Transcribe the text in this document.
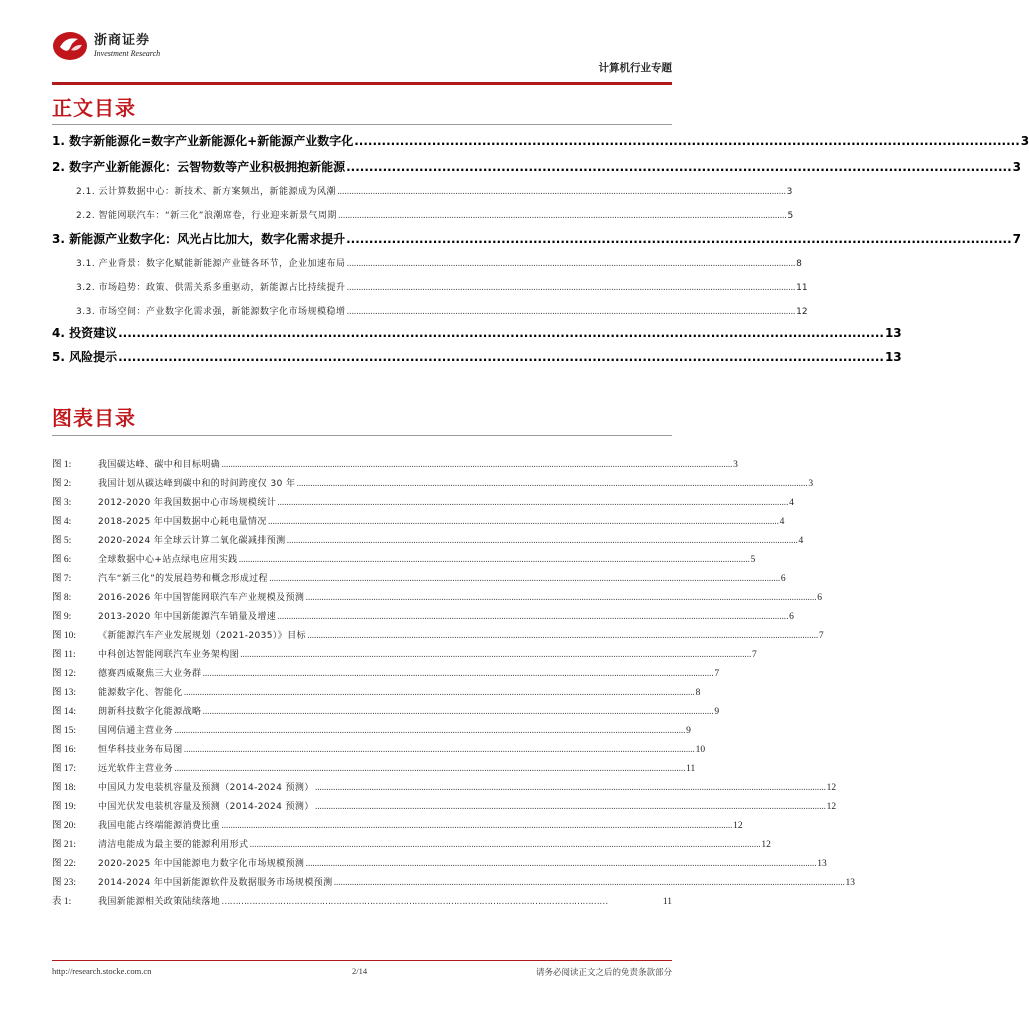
浙商证券
Investment Research
计算机行业专题
正文目录
1. 数字新能源化=数字产业新能源化+新能源产业数字化 .................................................................................................................................................. 3
2. 数字产业新能源化：云智物数等产业积极拥抱新能源 .................................................................................................................................................. 3
2.1. 云计算数据中心：新技术、新方案频出，新能源成为风潮 .............................................................................................................................................................................................. 3
2.2. 智能网联汽车：“新三化”浪潮席卷，行业迎来新景气周期 .............................................................................................................................................................................................. 5
3. 新能源产业数字化：风光占比加大，数字化需求提升 .................................................................................................................................................. 7
3.1. 产业背景：数字化赋能新能源产业链各环节，企业加速布局 .............................................................................................................................................................................................. 8
3.2. 市场趋势：政策、供需关系多重驱动，新能源占比持续提升 .............................................................................................................................................................................................. 11
3.3. 市场空间：产业数字化需求强，新能源数字化市场规模稳增 .............................................................................................................................................................................................. 12
4. 投资建议 ........................................................................................................................................................................ 13
5. 风险提示 ........................................................................................................................................................................ 13
图表目录
图 1:	我国碳达峰、碳中和目标明确 .................................................................................................................................................................................................................................. 3
图 2:	我国计划从碳达峰到碳中和的时间跨度仅 30 年 .................................................................................................................................................................................................................................. 3
图 3:	2012-2020 年我国数据中心市场规模统计 .................................................................................................................................................................................................................................. 4
图 4:	2018-2025 年中国数据中心耗电量情况 .................................................................................................................................................................................................................................. 4
图 5:	2020-2024 年全球云计算二氧化碳减排预测 .................................................................................................................................................................................................................................. 4
图 6:	全球数据中心+站点绿电应用实践 .................................................................................................................................................................................................................................. 5
图 7:	汽车“新三化”的发展趋势和概念形成过程 .................................................................................................................................................................................................................................. 6
图 8:	2016-2026 年中国智能网联汽车产业规模及预测 .................................................................................................................................................................................................................................. 6
图 9:	2013-2020 年中国新能源汽车销量及增速 .................................................................................................................................................................................................................................. 6
图 10:	《新能源汽车产业发展规划（2021-2035）》目标 .................................................................................................................................................................................................................................. 7
图 11:	中科创达智能网联汽车业务架构图 .................................................................................................................................................................................................................................. 7
图 12:	德赛西威聚焦三大业务群 .................................................................................................................................................................................................................................. 7
图 13:	能源数字化、智能化 .................................................................................................................................................................................................................................. 8
图 14:	朗新科技数字化能源战略 .................................................................................................................................................................................................................................. 9
图 15:	国网信通主营业务 .................................................................................................................................................................................................................................. 9
图 16:	恒华科技业务布局图 .................................................................................................................................................................................................................................. 10
图 17:	远光软件主营业务 .................................................................................................................................................................................................................................. 11
图 18:	中国风力发电装机容量及预测（2014-2024 预测） .................................................................................................................................................................................................................................. 12
图 19:	中国光伏发电装机容量及预测（2014-2024 预测） .................................................................................................................................................................................................................................. 12
图 20:	我国电能占终端能源消费比重 .................................................................................................................................................................................................................................. 12
图 21:	清洁电能成为最主要的能源利用形式 .................................................................................................................................................................................................................................. 12
图 22:	2020-2025 年中国能源电力数字化市场规模预测 .................................................................................................................................................................................................................................. 13
图 23:	2014-2024 年中国新能源软件及数据服务市场规模预测 .................................................................................................................................................................................................................................. 13
表 1:	我国新能源相关政策陆续落地 …………………………………………………………………………………………………………………………	11
http://research.stocke.com.cn	2/14	请务必阅读正文之后的免责条款部分
